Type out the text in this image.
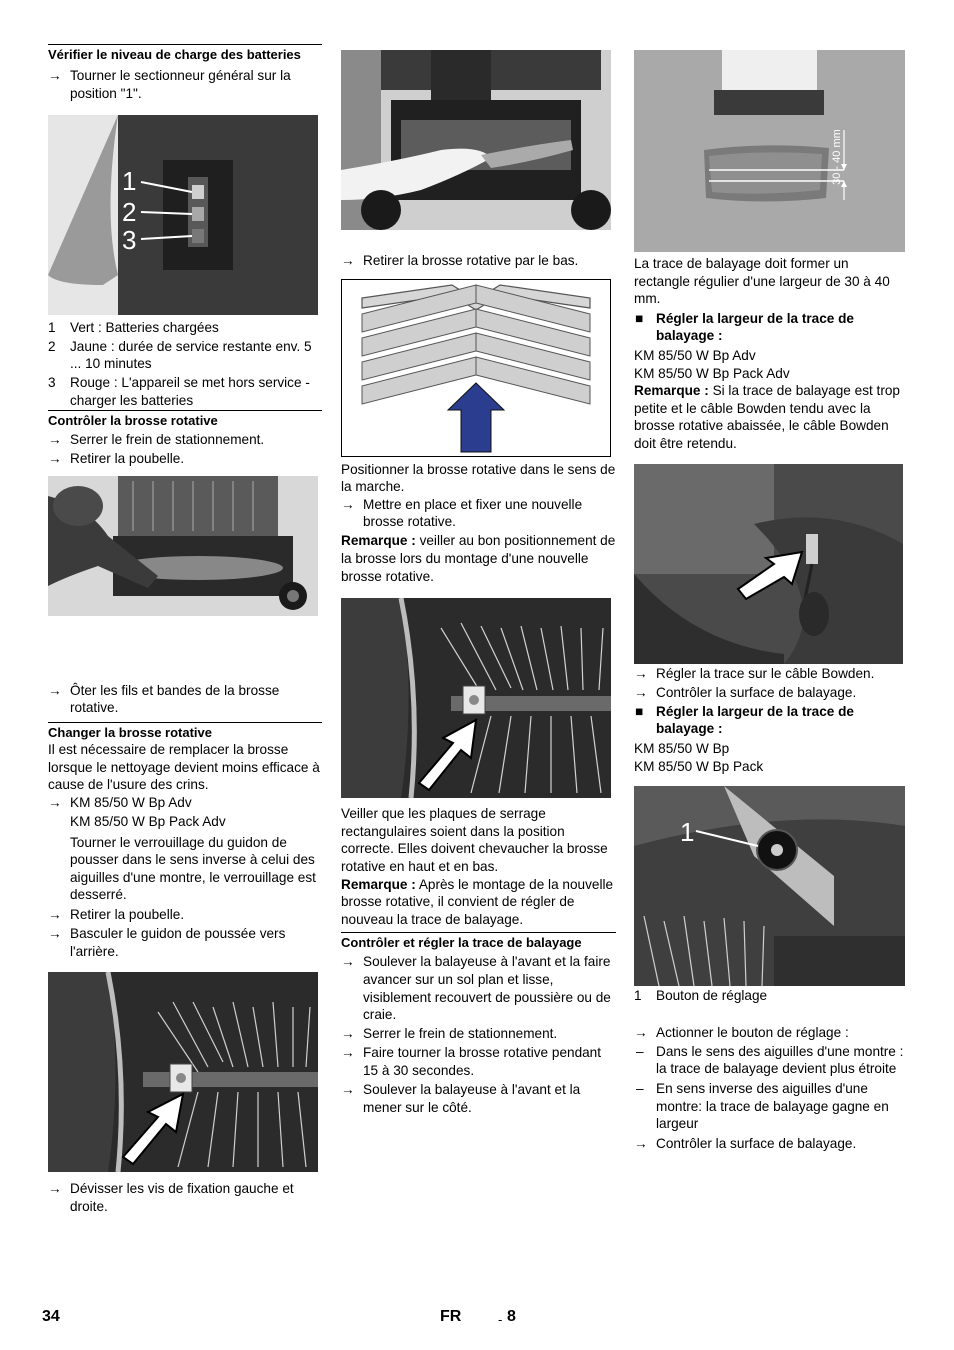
Vérifier le niveau de charge des batteries

→ Tourner le sectionneur général sur la position "1".
1
2
3
1 Vert : Batteries chargées
2 Jaune : durée de service restante env. 5 ... 10 minutes
3 Rouge : L'appareil se met hors service - charger les batteries

Contrôler la brosse rotative

→ Serrer le frein de stationnement.
→ Retirer la poubelle.
→ Ôter les fils et bandes de la brosse rotative.

Changer la brosse rotative

Il est nécessaire de remplacer la brosse lorsque le nettoyage devient moins efficace à cause de l'usure des crins.

→ KM 85/50 W Bp Adv

KM 85/50 W Bp Pack Adv

Tourner le verrouillage du guidon de pousser dans le sens inverse à celui des aiguilles d'une montre, le verrouillage est desserré.

→ Retirer la poubelle.
→ Basculer le guidon de poussée vers l'arrière.
→ Dévisser les vis de fixation gauche et droite.
→ Retirer la brosse rotative par le bas.

Positionner la brosse rotative dans le sens de la marche.

→ Mettre en place et fixer une nouvelle brosse rotative.

Remarque : veiller au bon positionnement de la brosse lors du montage d'une nouvelle brosse rotative.

Veiller que les plaques de serrage rectangulaires soient dans la position correcte. Elles doivent chevaucher la brosse rotative en haut et en bas.

Remarque : Après le montage de la nouvelle brosse rotative, il convient de régler de nouveau la trace de balayage.

Contrôler et régler la trace de balayage

→ Soulever la balayeuse à l'avant et la faire avancer sur un sol plan et lisse, visiblement recouvert de poussière ou de craie.
→ Serrer le frein de stationnement.
→ Faire tourner la brosse rotative pendant 15 à 30 secondes.
→ Soulever la balayeuse à l'avant et la mener sur le côté.
30 - 40 mm

La trace de balayage doit former un rectangle régulier d'une largeur de 30 à 40 mm.

■ Régler la largeur de la trace de balayage :

KM 85/50 W Bp Adv

KM 85/50 W Bp Pack Adv

Remarque : Si la trace de balayage est trop petite et le câble Bowden tendu avec la brosse rotative abaissée, le câble Bowden doit être retendu.

→ Régler la trace sur le câble Bowden.
→ Contrôler la surface de balayage.
■ Régler la largeur de la trace de balayage :

KM 85/50 W Bp

KM 85/50 W Bp Pack

1
1 Bouton de réglage
→ Actionner le bouton de réglage :
– Dans le sens des aiguilles d'une montre : la trace de balayage devient plus étroite
– En sens inverse des aiguilles d'une montre: la trace de balayage gagne en largeur
→ Contrôler la surface de balayage.
34	FR	- 8
